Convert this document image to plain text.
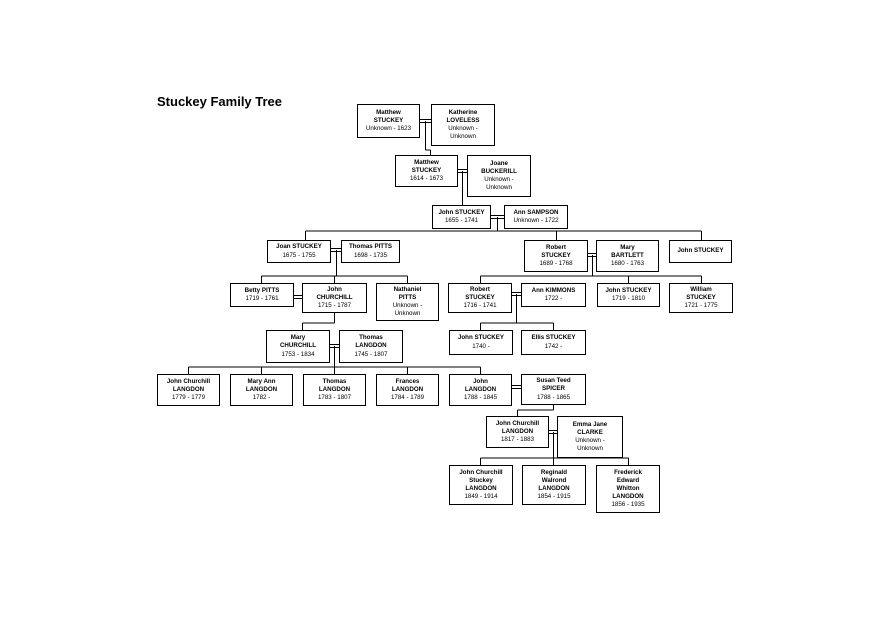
Stuckey Family Tree
Matthew
STUCKEY
Unknown - 1623
Katherine
LOVELESS
Unknown -
Unknown
Matthew
STUCKEY
1614 - 1673
Joane
BUCKERILL
Unknown -
Unknown
John STUCKEY
1655 - 1741
Ann SAMPSON
Unknown - 1722
Joan STUCKEY
1675 - 1755
Thomas PITTS
1698 - 1735
Robert
STUCKEY
1689 - 1768
Mary
BARTLETT
1680 - 1763
John STUCKEY
Betty PITTS
1719 - 1761
John
CHURCHILL
1715 - 1787
Nathaniel
PITTS
Unknown -
Unknown
Robert
STUCKEY
1716 - 1741
Ann KIMMONS
1722 -
John STUCKEY
1719 - 1810
William
STUCKEY
1721 - 1775
Mary
CHURCHILL
1753 - 1834
Thomas
LANGDON
1745 - 1807
John STUCKEY
1740 -
Ellis STUCKEY
1742 -
John Churchill
LANGDON
1779 - 1779
Mary Ann
LANGDON
1782 -
Thomas
LANGDON
1783 - 1807
Frances
LANGDON
1784 - 1789
John
LANGDON
1788 - 1845
Susan Teed
SPICER
1788 - 1865
John Churchill
LANGDON
1817 - 1883
Emma Jane
CLARKE
Unknown -
Unknown
John Churchill
Stuckey
LANGDON
1849 - 1914
Reginald
Walrond
LANGDON
1854 - 1915
Frederick
Edward
Whitton
LANGDON
1856 - 1935
